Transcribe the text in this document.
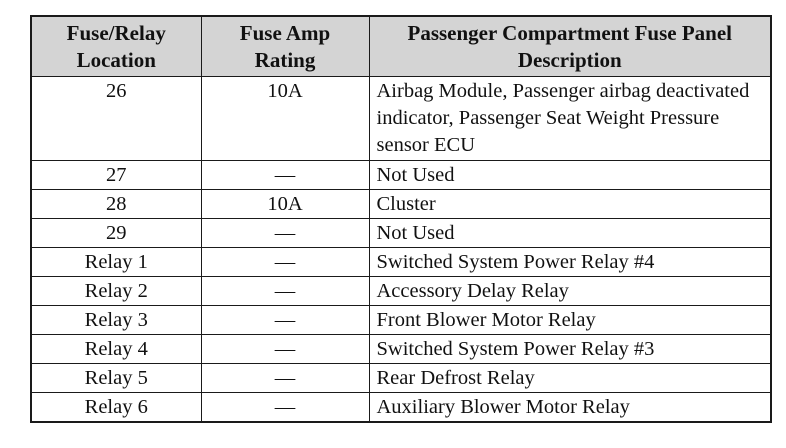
Fuse/Relay Location	Fuse Amp Rating	Passenger Compartment Fuse Panel Description
26	10A	Airbag Module, Passenger airbag deactivated indicator, Passenger Seat Weight Pressure sensor ECU
27	—	Not Used
28	10A	Cluster
29	—	Not Used
Relay 1	—	Switched System Power Relay #4
Relay 2	—	Accessory Delay Relay
Relay 3	—	Front Blower Motor Relay
Relay 4	—	Switched System Power Relay #3
Relay 5	—	Rear Defrost Relay
Relay 6	—	Auxiliary Blower Motor Relay
